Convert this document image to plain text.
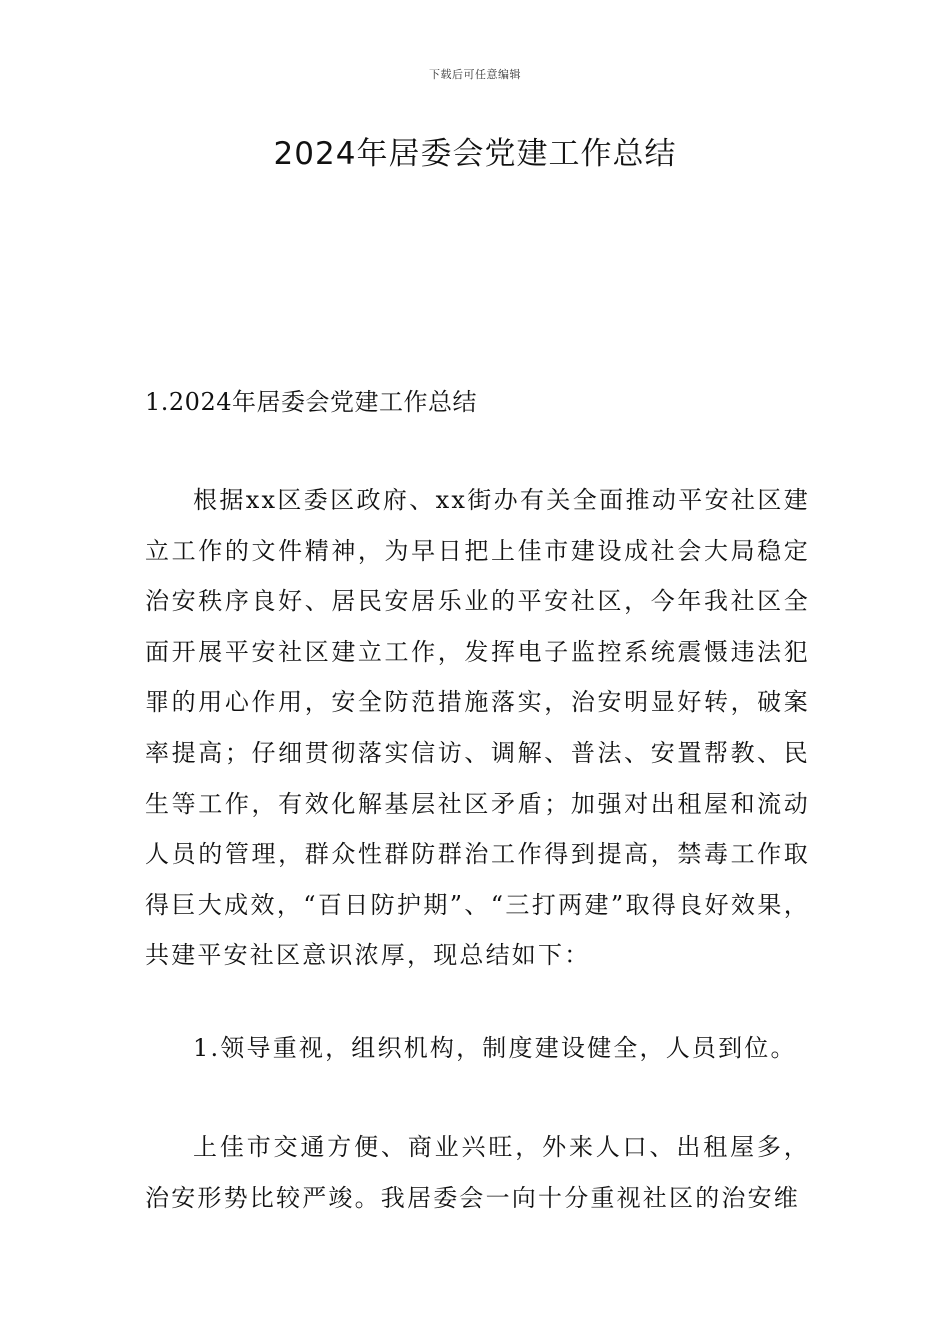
下载后可任意编辑
2024年居委会党建工作总结
1.2024年居委会党建工作总结

根据xx区委区政府、xx街办有关全面推动平安社区建立工作的文件精神，为早日把上佳市建设成社会大局稳定治安秩序良好、居民安居乐业的平安社区，今年我社区全面开展平安社区建立工作，发挥电子监控系统震慑违法犯罪的用心作用，安全防范措施落实，治安明显好转，破案率提高；仔细贯彻落实信访、调解、普法、安置帮教、民生等工作，有效化解基层社区矛盾；加强对出租屋和流动人员的管理，群众性群防群治工作得到提高，禁毒工作取得巨大成效，“百日防护期”、“三打两建”取得良好效果，共建平安社区意识浓厚，现总结如下：

1.领导重视，组织机构，制度建设健全，人员到位。

上佳市交通方便、商业兴旺，外来人口、出租屋多，治安形势比较严竣。我居委会一向十分重视社区的治安维
